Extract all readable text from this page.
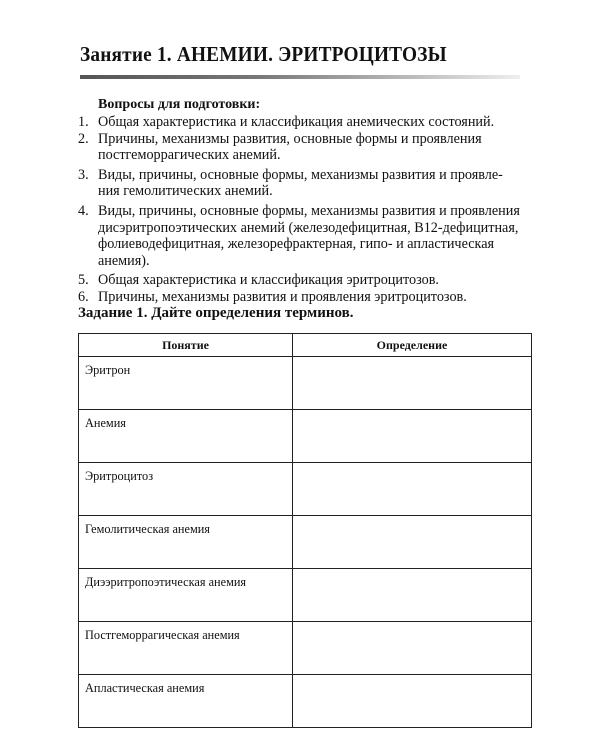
Занятие 1. АНЕМИИ. ЭРИТРОЦИТОЗЫ
Вопросы для подготовки:
1. Общая характеристика и классификация анемических состояний.
2. Причины, механизмы развития, основные формы и проявления
постгеморрагических анемий.
3. Виды, причины, основные формы, механизмы развития и проявле-
ния гемолитических анемий.
4. Виды, причины, основные формы, механизмы развития и проявления
дисэритропоэтических анемий (железодефицитная, B12-дефицитная,
фолиеводефицитная, железорефрактерная, гипо- и апластическая
анемия).
5. Общая характеристика и классификация эритроцитозов.
6. Причины, механизмы развития и проявления эритроцитозов.
Задание 1. Дайте определения терминов.
Понятие	Определение
Эритрон	
Анемия	
Эритроцитоз	
Гемолитическая анемия	
Диээритропоэтическая анемия	
Постгеморрагическая анемия	
Апластическая анемия	
